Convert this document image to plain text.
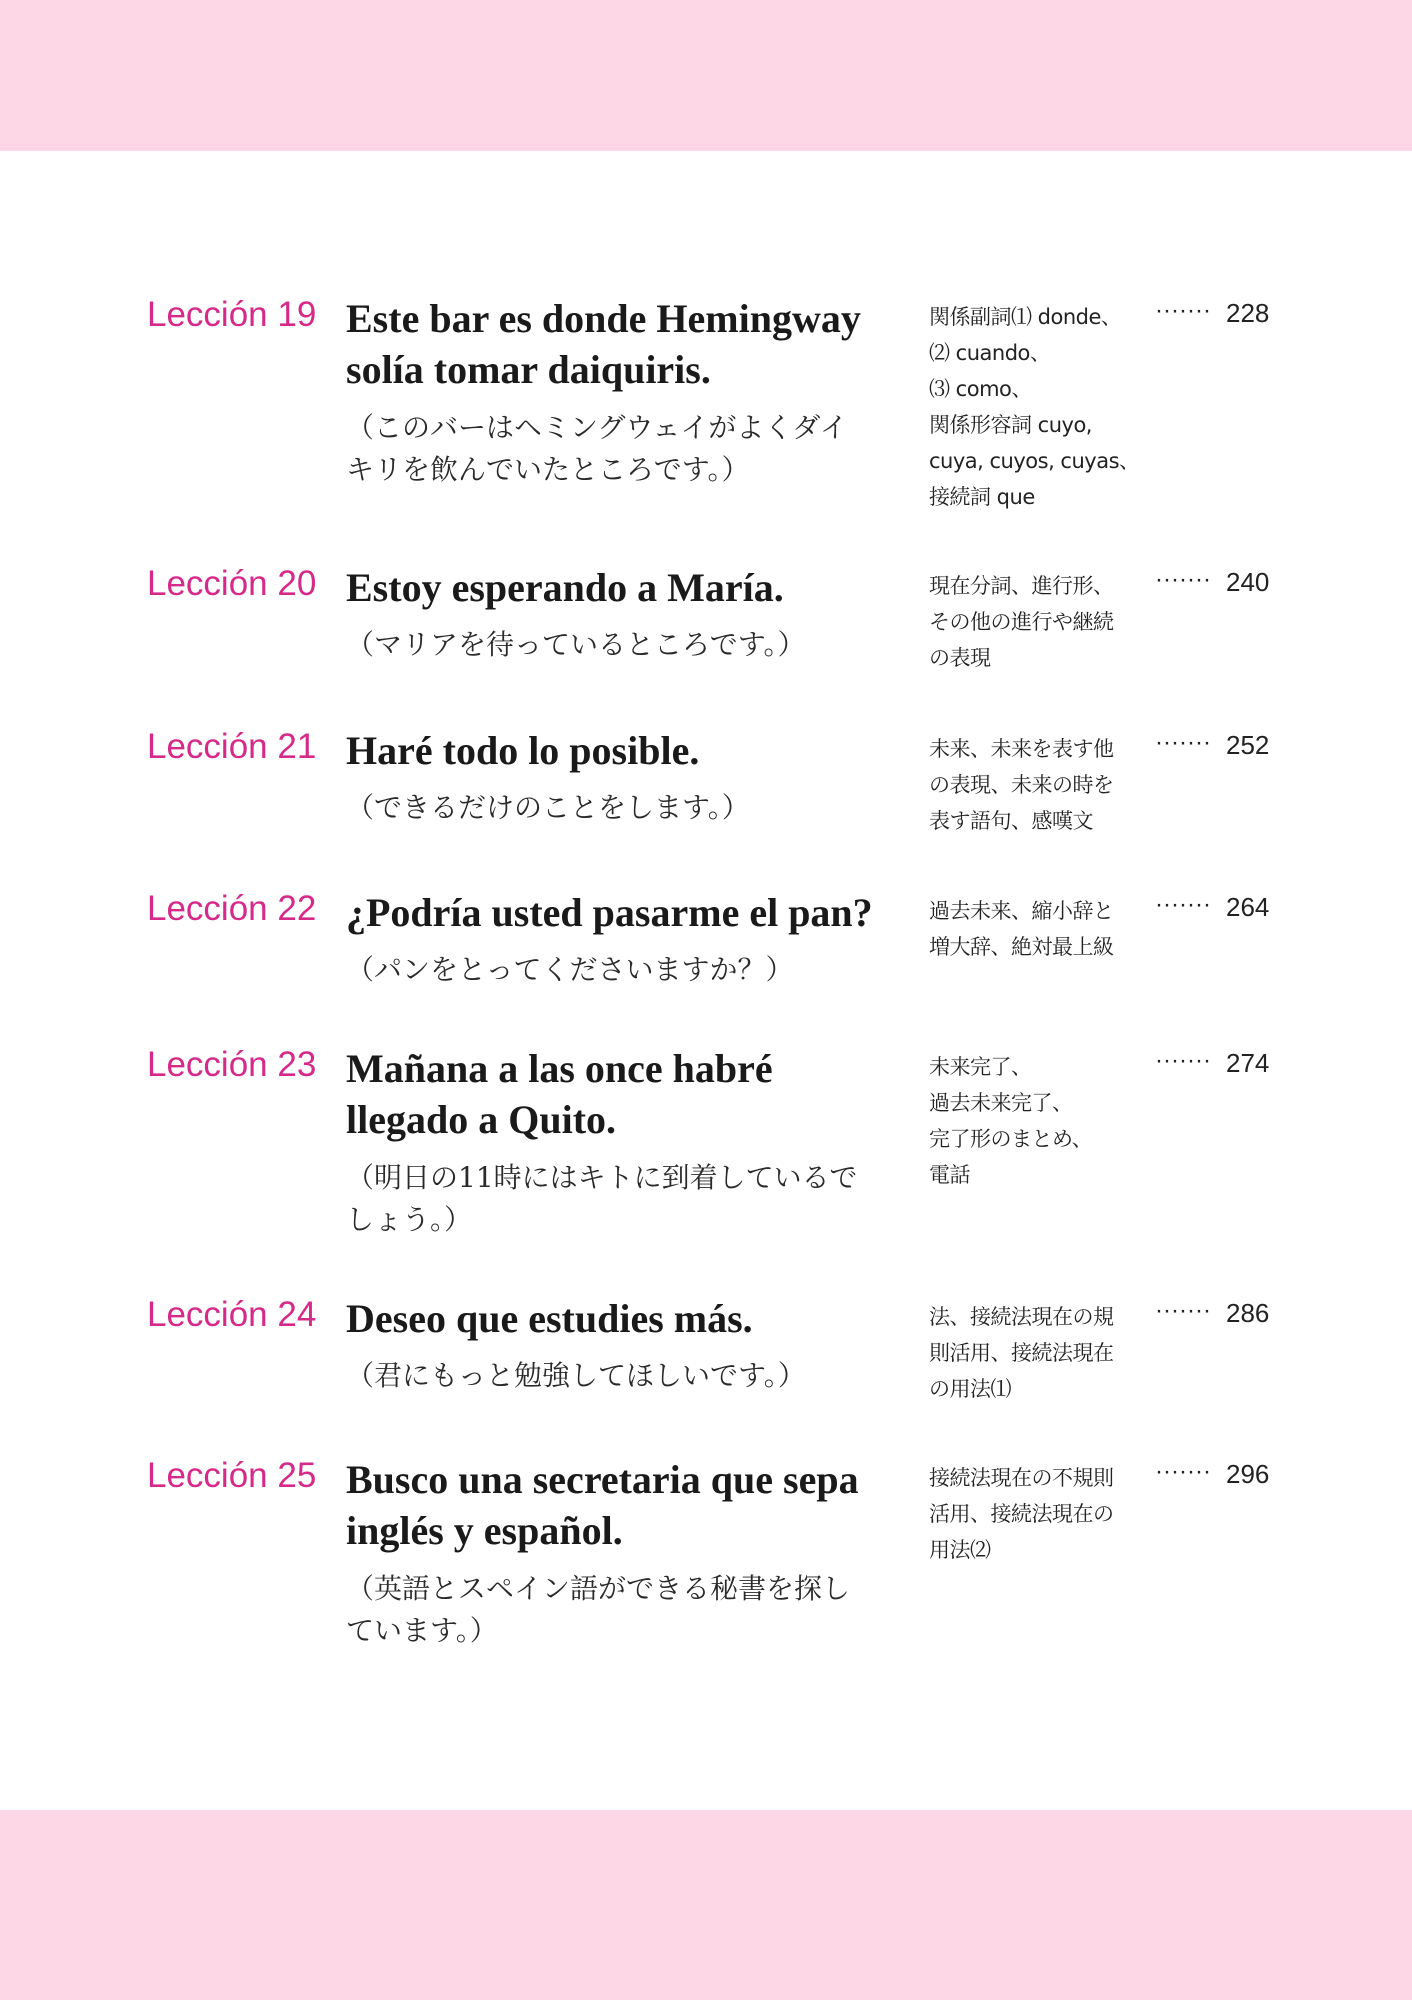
Lección 19 Este bar es donde Hemingway
solía tomar daiquiris.
（このバーはヘミングウェイがよくダイ
キリを飲んでいたところです。）
関係副詞⑴ donde、
⑵ cuando、
⑶ como、
関係形容詞 cuyo,
cuya, cuyos, cuyas、
接続詞 que
······· 228
Lección 20 Estoy esperando a María.
（マリアを待っているところです。）
現在分詞、進行形、
その他の進行や継続
の表現
······· 240
Lección 21 Haré todo lo posible.
（できるだけのことをします。）
未来、未来を表す他
の表現、未来の時を
表す語句、感嘆文
······· 252
Lección 22 ¿Podría usted pasarme el pan?
（パンをとってくださいますか？）
過去未来、縮小辞と
増大辞、絶対最上級
······· 264
Lección 23 Mañana a las once habré
llegado a Quito.
（明日の11時にはキトに到着しているで
しょう。）
未来完了、
過去未来完了、
完了形のまとめ、
電話
······· 274
Lección 24 Deseo que estudies más.
（君にもっと勉強してほしいです。）
法、接続法現在の規
則活用、接続法現在
の用法⑴
······· 286
Lección 25 Busco una secretaria que sepa
inglés y español.
（英語とスペイン語ができる秘書を探し
ています。）
接続法現在の不規則
活用、接続法現在の
用法⑵
······· 296
